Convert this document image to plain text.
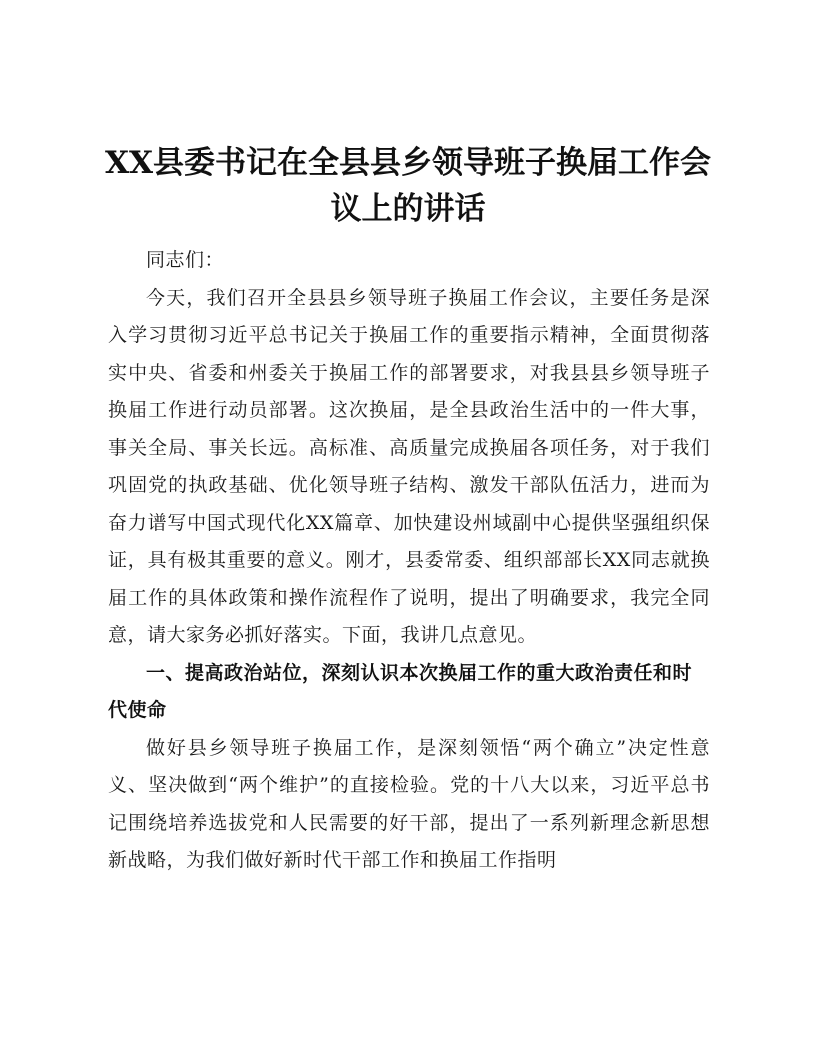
XX县委书记在全县县乡领导班子换届工作会议上的讲话

同志们：

今天，我们召开全县县乡领导班子换届工作会议，主要任务是深入学习贯彻习近平总书记关于换届工作的重要指示精神，全面贯彻落实中央、省委和州委关于换届工作的部署要求，对我县县乡领导班子换届工作进行动员部署。这次换届，是全县政治生活中的一件大事，事关全局、事关长远。高标准、高质量完成换届各项任务，对于我们巩固党的执政基础、优化领导班子结构、激发干部队伍活力，进而为奋力谱写中国式现代化XX篇章、加快建设州域副中心提供坚强组织保证，具有极其重要的意义。刚才，县委常委、组织部部长XX同志就换届工作的具体政策和操作流程作了说明，提出了明确要求，我完全同意，请大家务必抓好落实。下面，我讲几点意见。

一、提高政治站位，深刻认识本次换届工作的重大政治责任和时代使命

做好县乡领导班子换届工作，是深刻领悟“两个确立”决定性意义、坚决做到“两个维护”的直接检验。党的十八大以来，习近平总书记围绕培养选拔党和人民需要的好干部，提出了一系列新理念新思想新战略，为我们做好新时代干部工作和换届工作指明
